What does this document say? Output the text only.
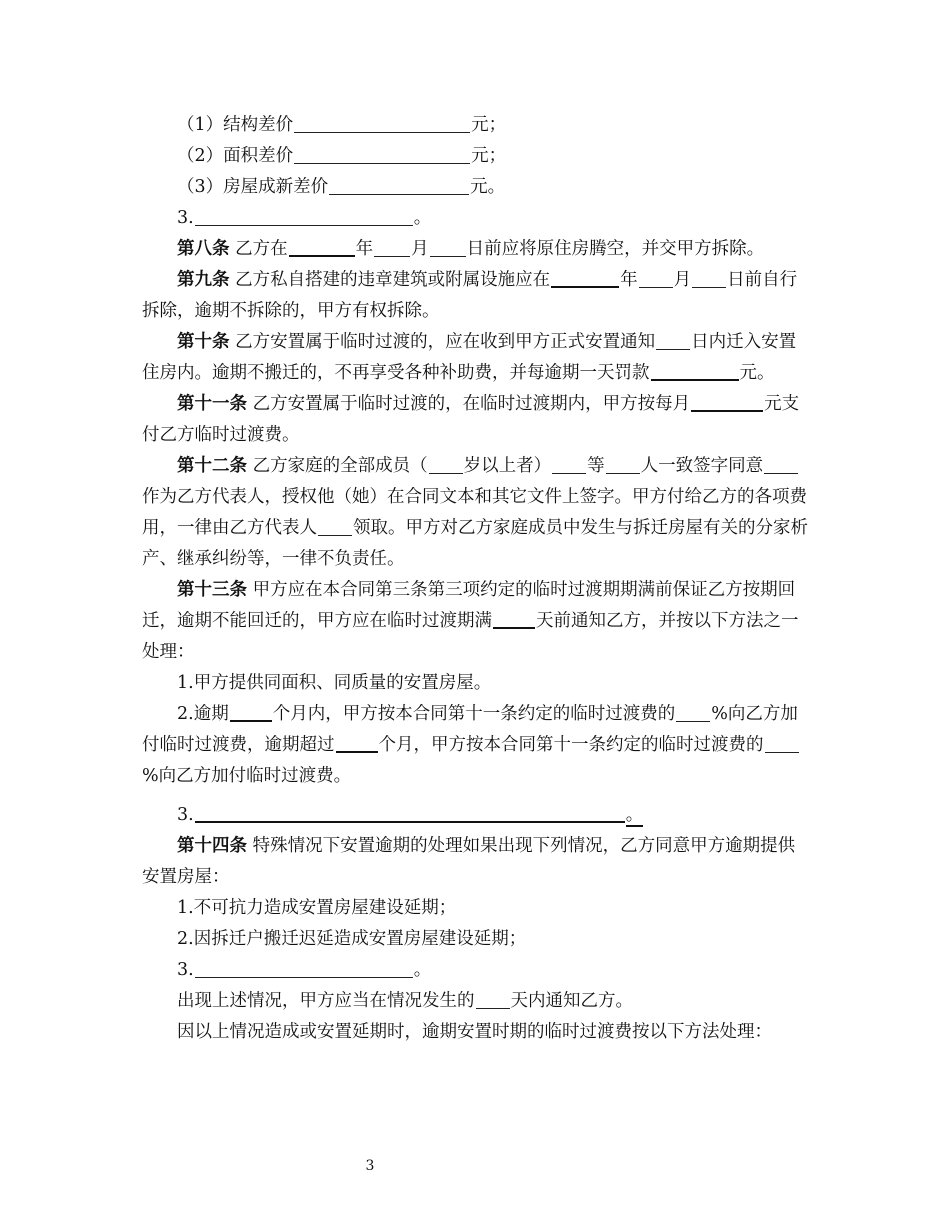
（1）结构差价	元；

（2）面积差价	元；

（3）房屋成新差价	元。

3.	。

第八条 乙方在	年 月 日前应将原住房腾空，并交甲方拆除。

第九条 乙方私自搭建的违章建筑或附属设施应在	年 月 日前自行拆除，逾期不拆除的，甲方有权拆除。

第十条 乙方安置属于临时过渡的，应在收到甲方正式安置通知 日内迁入安置住房内。逾期不搬迁的，不再享受各种补助费，并每逾期一天罚款	元。

第十一条 乙方安置属于临时过渡的，在临时过渡期内，甲方按每月	元支付乙方临时过渡费。

第十二条 乙方家庭的全部成员（ 岁以上者） 等 人一致签字同意作为乙方代表人，授权他（她）在合同文本和其它文件上签字。甲方付给乙方的各项费用，一律由乙方代表人 领取。甲方对乙方家庭成员中发生与拆迁房屋有关的分家析产、继承纠纷等，一律不负责任。

第十三条 甲方应在本合同第三条第三项约定的临时过渡期期满前保证乙方按期回迁，逾期不能回迁的，甲方应在临时过渡期满	天前通知乙方，并按以下方法之一处理：

1.甲方提供同面积、同质量的安置房屋。

2.逾期	个月内，甲方按本合同第十一条约定的临时过渡费的 %向乙方加付临时过渡费，逾期超过	个月，甲方按本合同第十一条约定的临时过渡费的%向乙方加付临时过渡费。

3.	。

第十四条 特殊情况下安置逾期的处理如果出现下列情况，乙方同意甲方逾期提供安置房屋：

1.不可抗力造成安置房屋建设延期；

2.因拆迁户搬迁迟延造成安置房屋建设延期；

3.	。

出现上述情况，甲方应当在情况发生的 天内通知乙方。

因以上情况造成或安置延期时，逾期安置时期的临时过渡费按以下方法处理：

3
